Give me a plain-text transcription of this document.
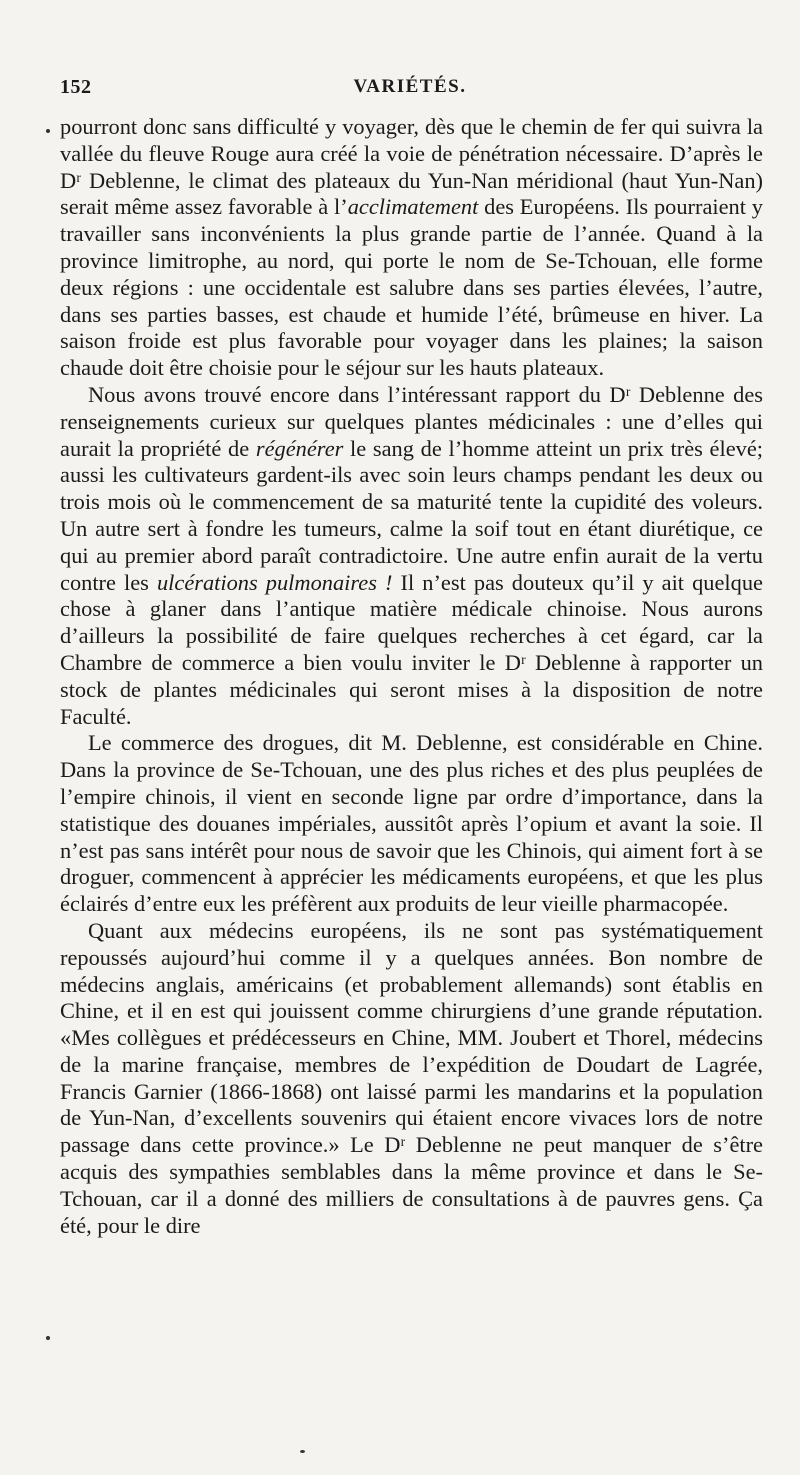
152	VARIÉTÉS.

pourront donc sans difficulté y voyager, dès que le chemin de fer qui suivra la vallée du fleuve Rouge aura créé la voie de pénétration nécessaire. D’après le Dʳ Deblenne, le climat des plateaux du Yun-Nan méridional (haut Yun-Nan) serait même assez favorable à l’acclimatement des Européens. Ils pourraient y travailler sans inconvénients la plus grande partie de l’année. Quand à la province limitrophe, au nord, qui porte le nom de Se-Tchouan, elle forme deux régions : une occidentale est salubre dans ses parties élevées, l’autre, dans ses parties basses, est chaude et humide l’été, brûmeuse en hiver. La saison froide est plus favorable pour voyager dans les plaines; la saison chaude doit être choisie pour le séjour sur les hauts plateaux.

Nous avons trouvé encore dans l’intéressant rapport du Dʳ Deblenne des renseignements curieux sur quelques plantes médicinales : une d’elles qui aurait la propriété de régénérer le sang de l’homme atteint un prix très élevé; aussi les cultivateurs gardent-ils avec soin leurs champs pendant les deux ou trois mois où le commencement de sa maturité tente la cupidité des voleurs. Un autre sert à fondre les tumeurs, calme la soif tout en étant diurétique, ce qui au premier abord paraît contradictoire. Une autre enfin aurait de la vertu contre les ulcérations pulmonaires ! Il n’est pas douteux qu’il y ait quelque chose à glaner dans l’antique matière médicale chinoise. Nous aurons d’ailleurs la possibilité de faire quelques recherches à cet égard, car la Chambre de commerce a bien voulu inviter le Dʳ Deblenne à rapporter un stock de plantes médicinales qui seront mises à la disposition de notre Faculté.

Le commerce des drogues, dit M. Deblenne, est considérable en Chine. Dans la province de Se-Tchouan, une des plus riches et des plus peuplées de l’empire chinois, il vient en seconde ligne par ordre d’importance, dans la statistique des douanes impériales, aussitôt après l’opium et avant la soie. Il n’est pas sans intérêt pour nous de savoir que les Chinois, qui aiment fort à se droguer, commencent à apprécier les médicaments européens, et que les plus éclairés d’entre eux les préfèrent aux produits de leur vieille pharmacopée.

Quant aux médecins européens, ils ne sont pas systématiquement repoussés aujourd’hui comme il y a quelques années. Bon nombre de médecins anglais, américains (et probablement allemands) sont établis en Chine, et il en est qui jouissent comme chirurgiens d’une grande réputation. «Mes collègues et prédécesseurs en Chine, MM. Joubert et Thorel, médecins de la marine française, membres de l’expédition de Doudart de Lagrée, Francis Garnier (1866-1868) ont laissé parmi les mandarins et la population de Yun-Nan, d’excellents souvenirs qui étaient encore vivaces lors de notre passage dans cette province.» Le Dʳ Deblenne ne peut manquer de s’être acquis des sympathies semblables dans la même province et dans le Se-Tchouan, car il a donné des milliers de consultations à de pauvres gens. Ça été, pour le dire
